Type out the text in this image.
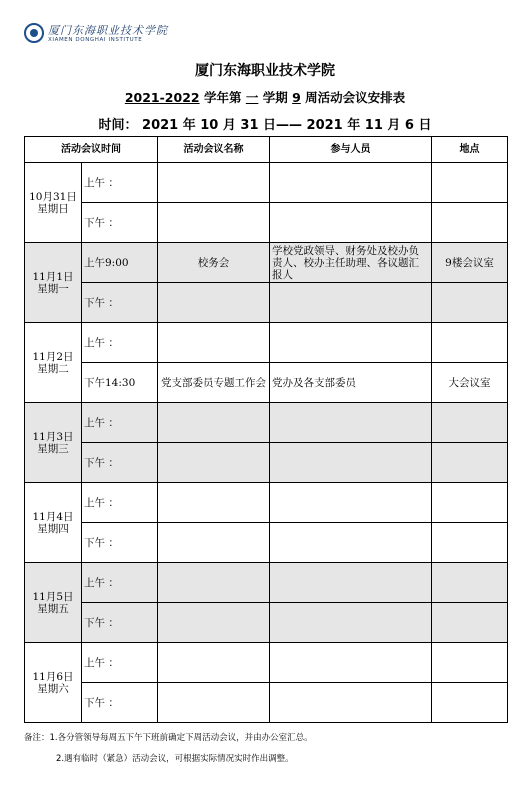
厦门东海职业技术学院
XIAMEN DONGHAI INSTITUTE
厦门东海职业技术学院
2021-2022 学年第 一 学期 9 周活动会议安排表
时间： 2021 年 10 月 31 日—— 2021 年 11 月 6 日
活动会议时间		活动会议名称	参与人员	地点
10月31日
星期日	上午 ：			
	下午 ：			
11月1日
星期一	上午9:00	校务会	学校党政领导、财务处及校办负责人、校办主任助理、各议题汇报人	9楼会议室
	下午 ：			
11月2日
星期二	上午 ：			
	下午14:30	党支部委员专题工作会	党办及各支部委员	大会议室
11月3日
星期三	上午 ：			
	下午 ：			
11月4日
星期四	上午 ：			
	下午 ：			
11月5日
星期五	上午 ：			
	下午 ：			
11月6日
星期六	上午 ：			
	下午 ：			
备注：1.各分管领导每周五下午下班前确定下周活动会议，并由办公室汇总。
2.遇有临时（紧急）活动会议，可根据实际情况实时作出调整。
